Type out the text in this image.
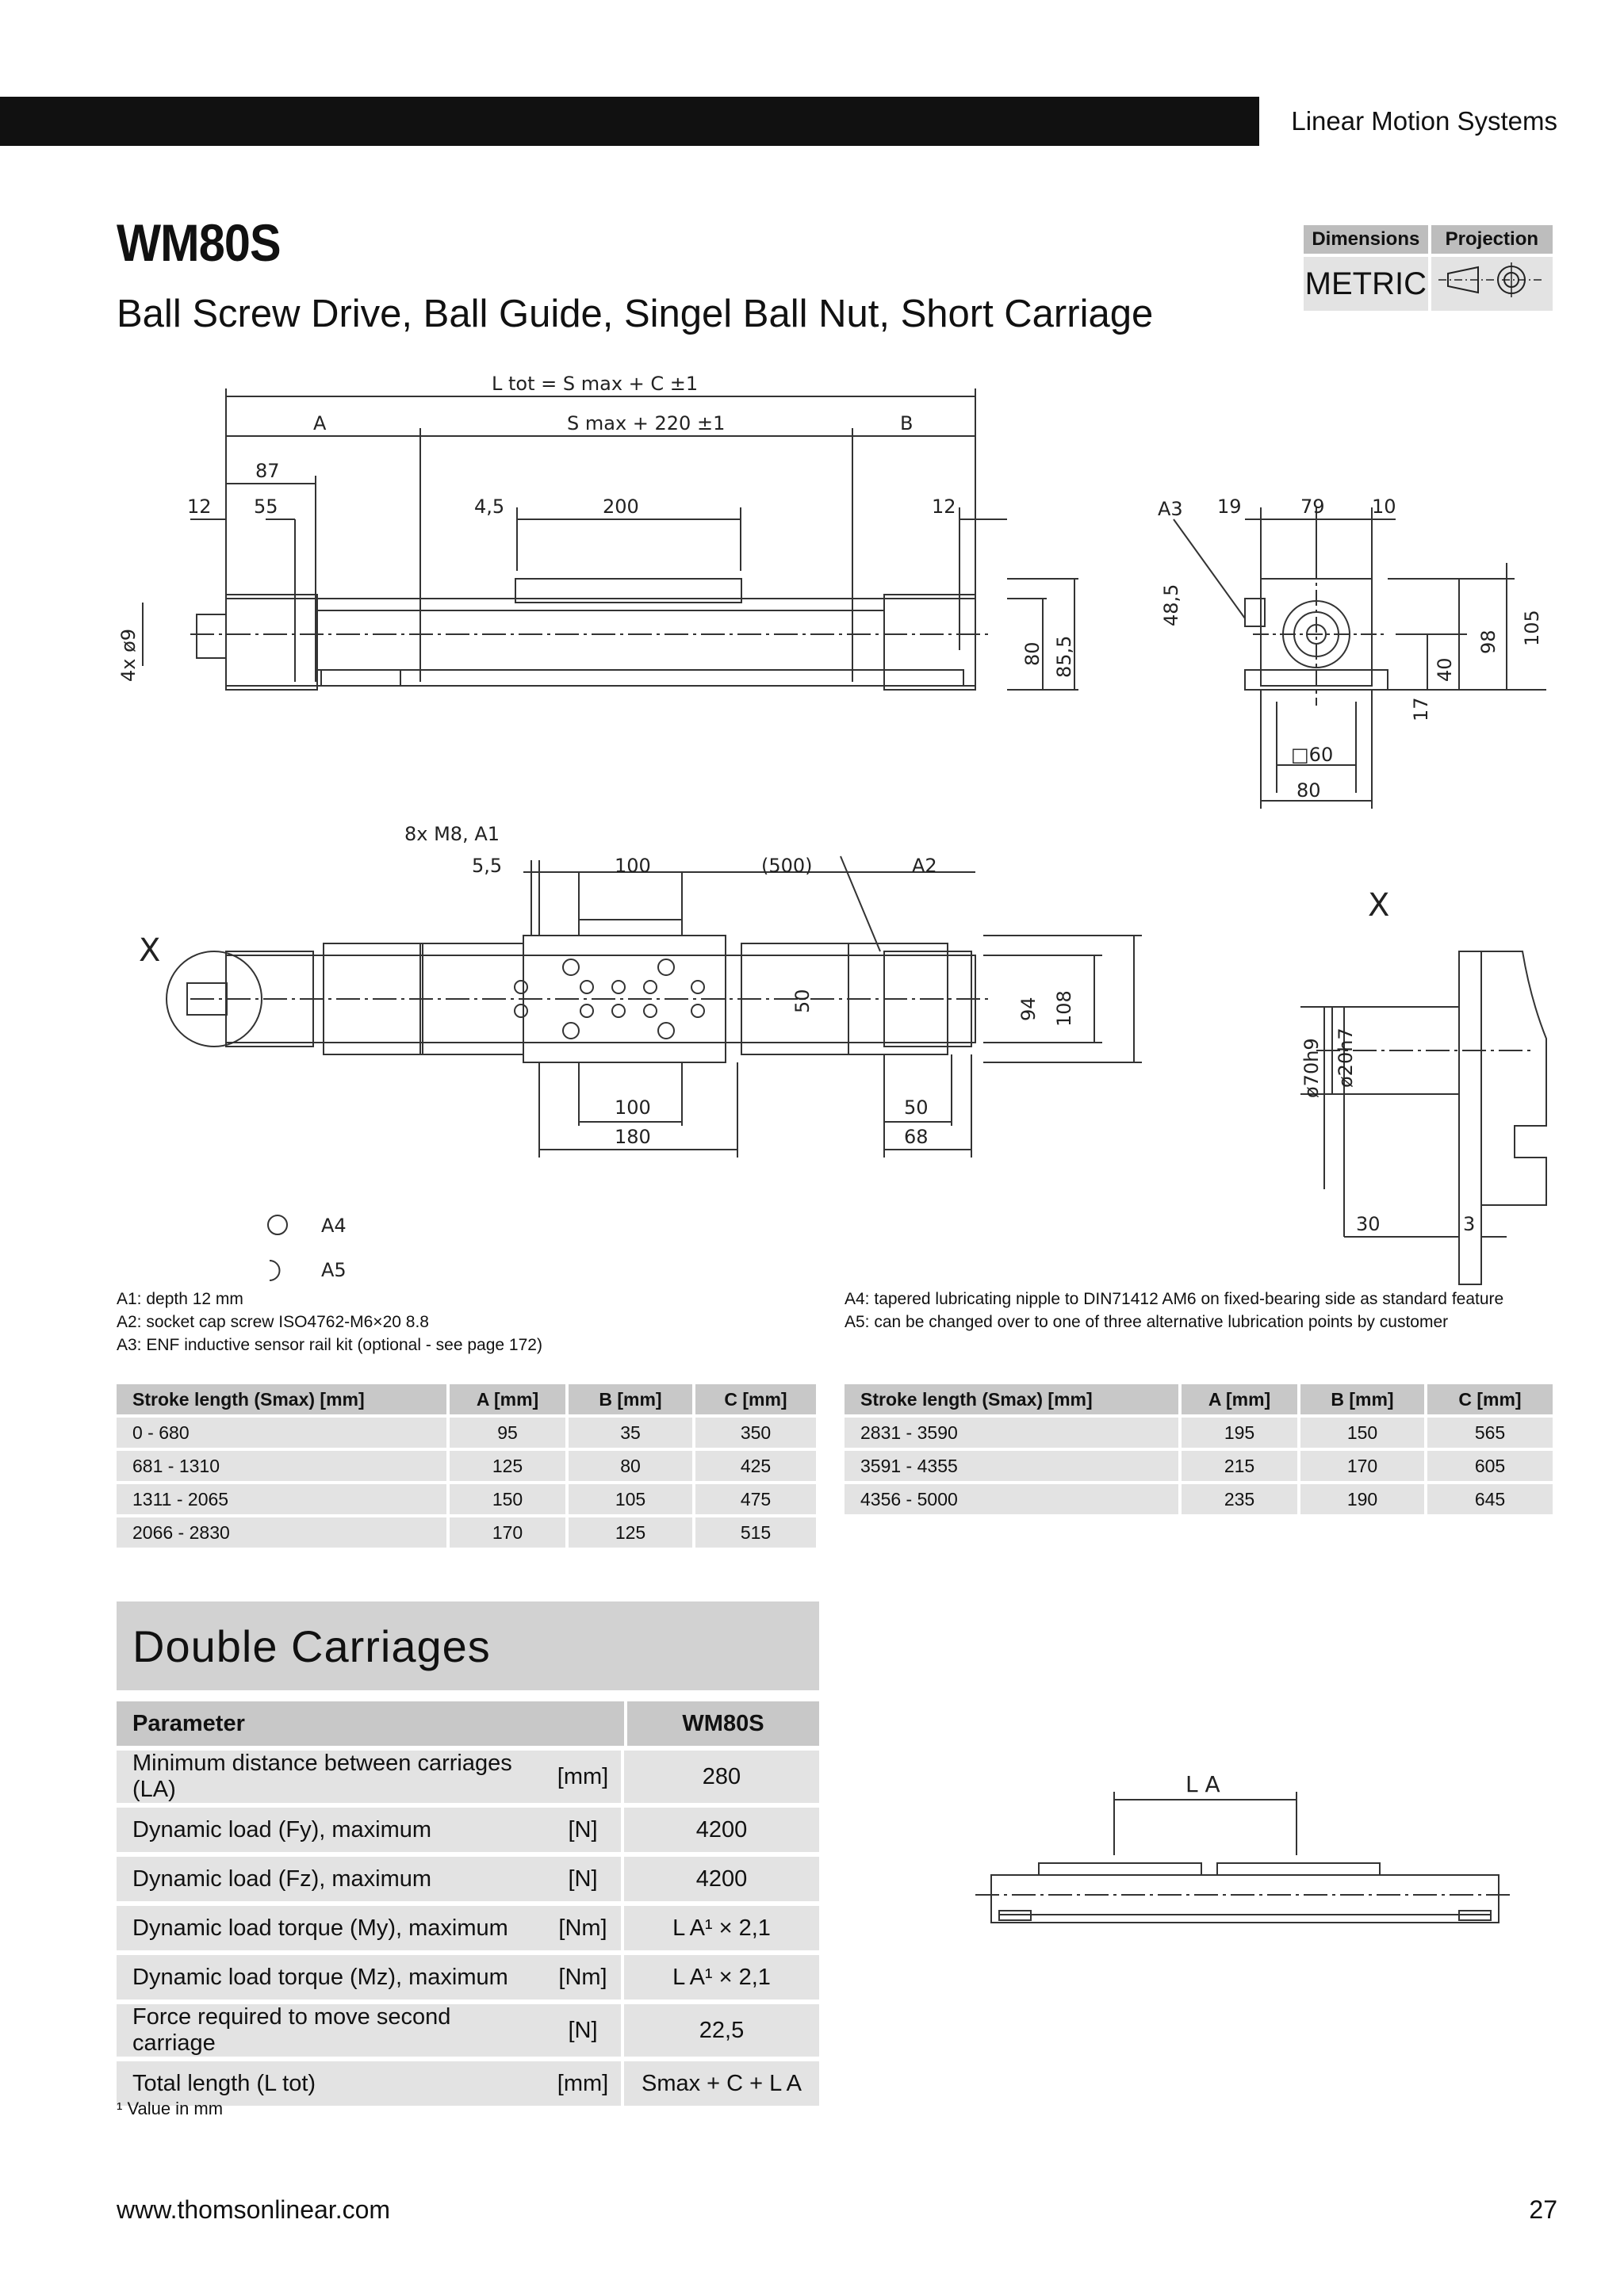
Linear Motion Systems
WM80S
Ball Screw Drive, Ball Guide, Singel Ball Nut, Short Carriage
Dimensions	Projection
METRIC	
L tot = S max + C ±1
A	S max + 220 ±1	B
87
12 55	4,5	200	12
4x ø9	80 85,5
A3 19	79 10
48,5
40
98 105
17
□60
80
8x M8, A1
5,5	100	(500)	A2
X
50	94 108
100
180
50
68
A4
A5
X
ø70h9 ø20h7
30	3
L A
A1: depth 12 mm
A2: socket cap screw ISO4762-M6×20 8.8
A3: ENF inductive sensor rail kit (optional - see page 172)
A4: tapered lubricating nipple to DIN71412 AM6 on fixed-bearing side as standard feature
A5: can be changed over to one of three alternative lubrication points by customer
Stroke length (Smax) [mm]	A [mm]	B [mm]	C [mm]
0 - 680	95	35	350
681 - 1310	125	80	425
1311 - 2065	150	105	475
2066 - 2830	170	125	515
Stroke length (Smax) [mm]	A [mm]	B [mm]	C [mm]
2831 - 3590	195	150	565
3591 - 4355	215	170	605
4356 - 5000	235	190	645
Double Carriages
Parameter		WM80S
Minimum distance between carriages (LA)	[mm]	280
Dynamic load (Fy), maximum	[N]	4200
Dynamic load (Fz), maximum	[N]	4200
Dynamic load torque (My), maximum	[Nm]	L A¹ × 2,1
Dynamic load torque (Mz), maximum	[Nm]	L A¹ × 2,1
Force required to move second carriage	[N]	22,5
Total length (L tot)	[mm]	Smax + C + L A
¹ Value in mm
www.thomsonlinear.com	27
